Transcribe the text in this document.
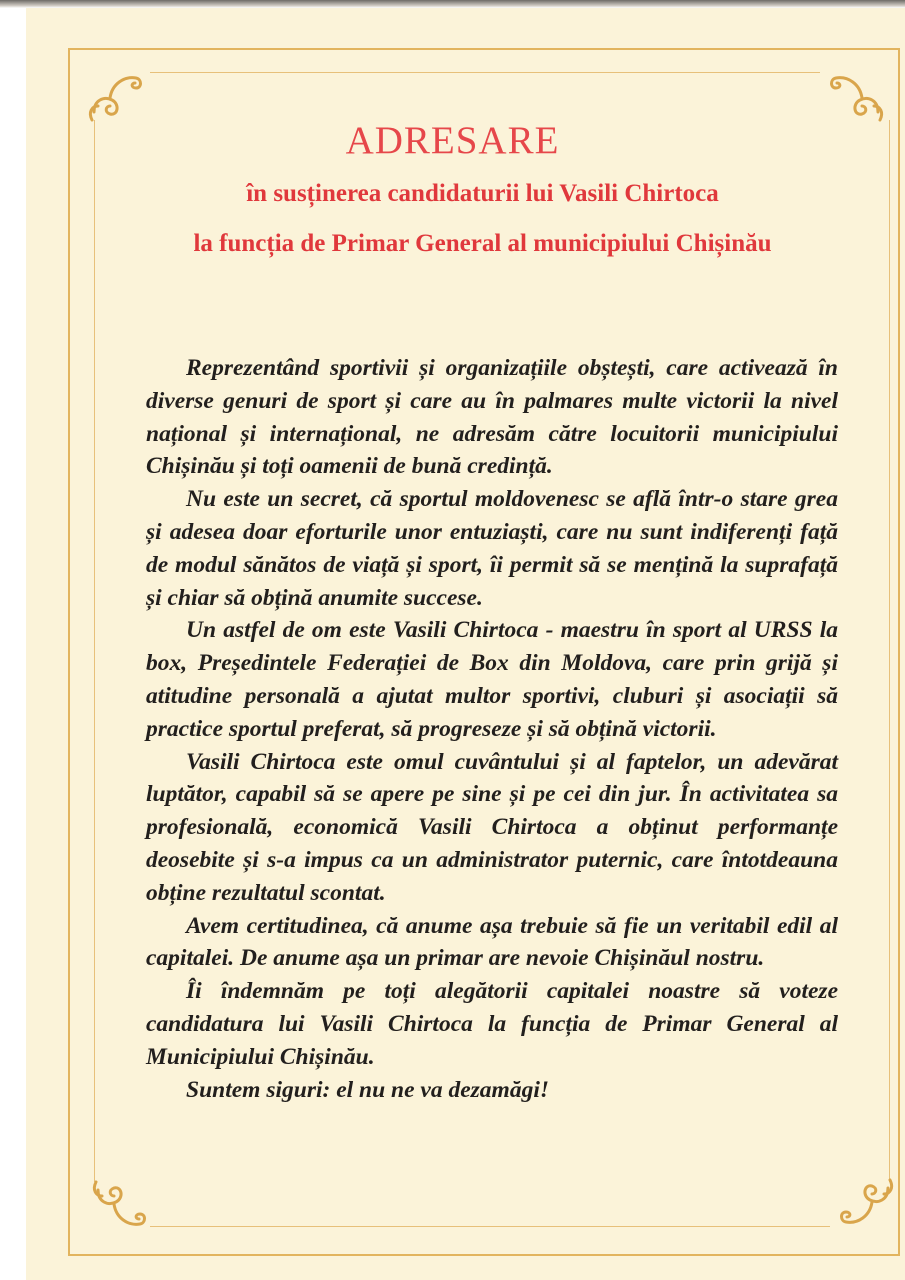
ADRESARE
în susținerea candidaturii lui Vasili Chirtoca
la funcția de Primar General al municipiului Chișinău

Reprezentând sportivii și organizațiile obștești, care activează în diverse genuri de sport și care au în palmares multe victorii la nivel național și internațional, ne adresăm către locuitorii municipiului Chișinău și toți oamenii de bună credință.

Nu este un secret, că sportul moldovenesc se află într-o stare grea și adesea doar eforturile unor entuziaști, care nu sunt indiferenți față de modul sănătos de viață și sport, îi permit să se mențină la suprafață și chiar să obțină anumite succese.

Un astfel de om este Vasili Chirtoca - maestru în sport al URSS la box, Președintele Federației de Box din Moldova, care prin grijă și atitudine personală a ajutat multor sportivi, cluburi și asociații să practice sportul preferat, să progreseze și să obțină victorii.

Vasili Chirtoca este omul cuvântului și al faptelor, un adevărat luptător, capabil să se apere pe sine și pe cei din jur. În activitatea sa profesională, economică Vasili Chirtoca a obținut performanțe deosebite și s-a impus ca un administrator puternic, care întotdeauna obține rezultatul scontat.

Avem certitudinea, că anume așa trebuie să fie un veritabil edil al capitalei. De anume așa un primar are nevoie Chișinăul nostru.

Îi îndemnăm pe toți alegătorii capitalei noastre să voteze candidatura lui Vasili Chirtoca la funcția de Primar General al Municipiului Chișinău.

Suntem siguri: el nu ne va dezamăgi!
